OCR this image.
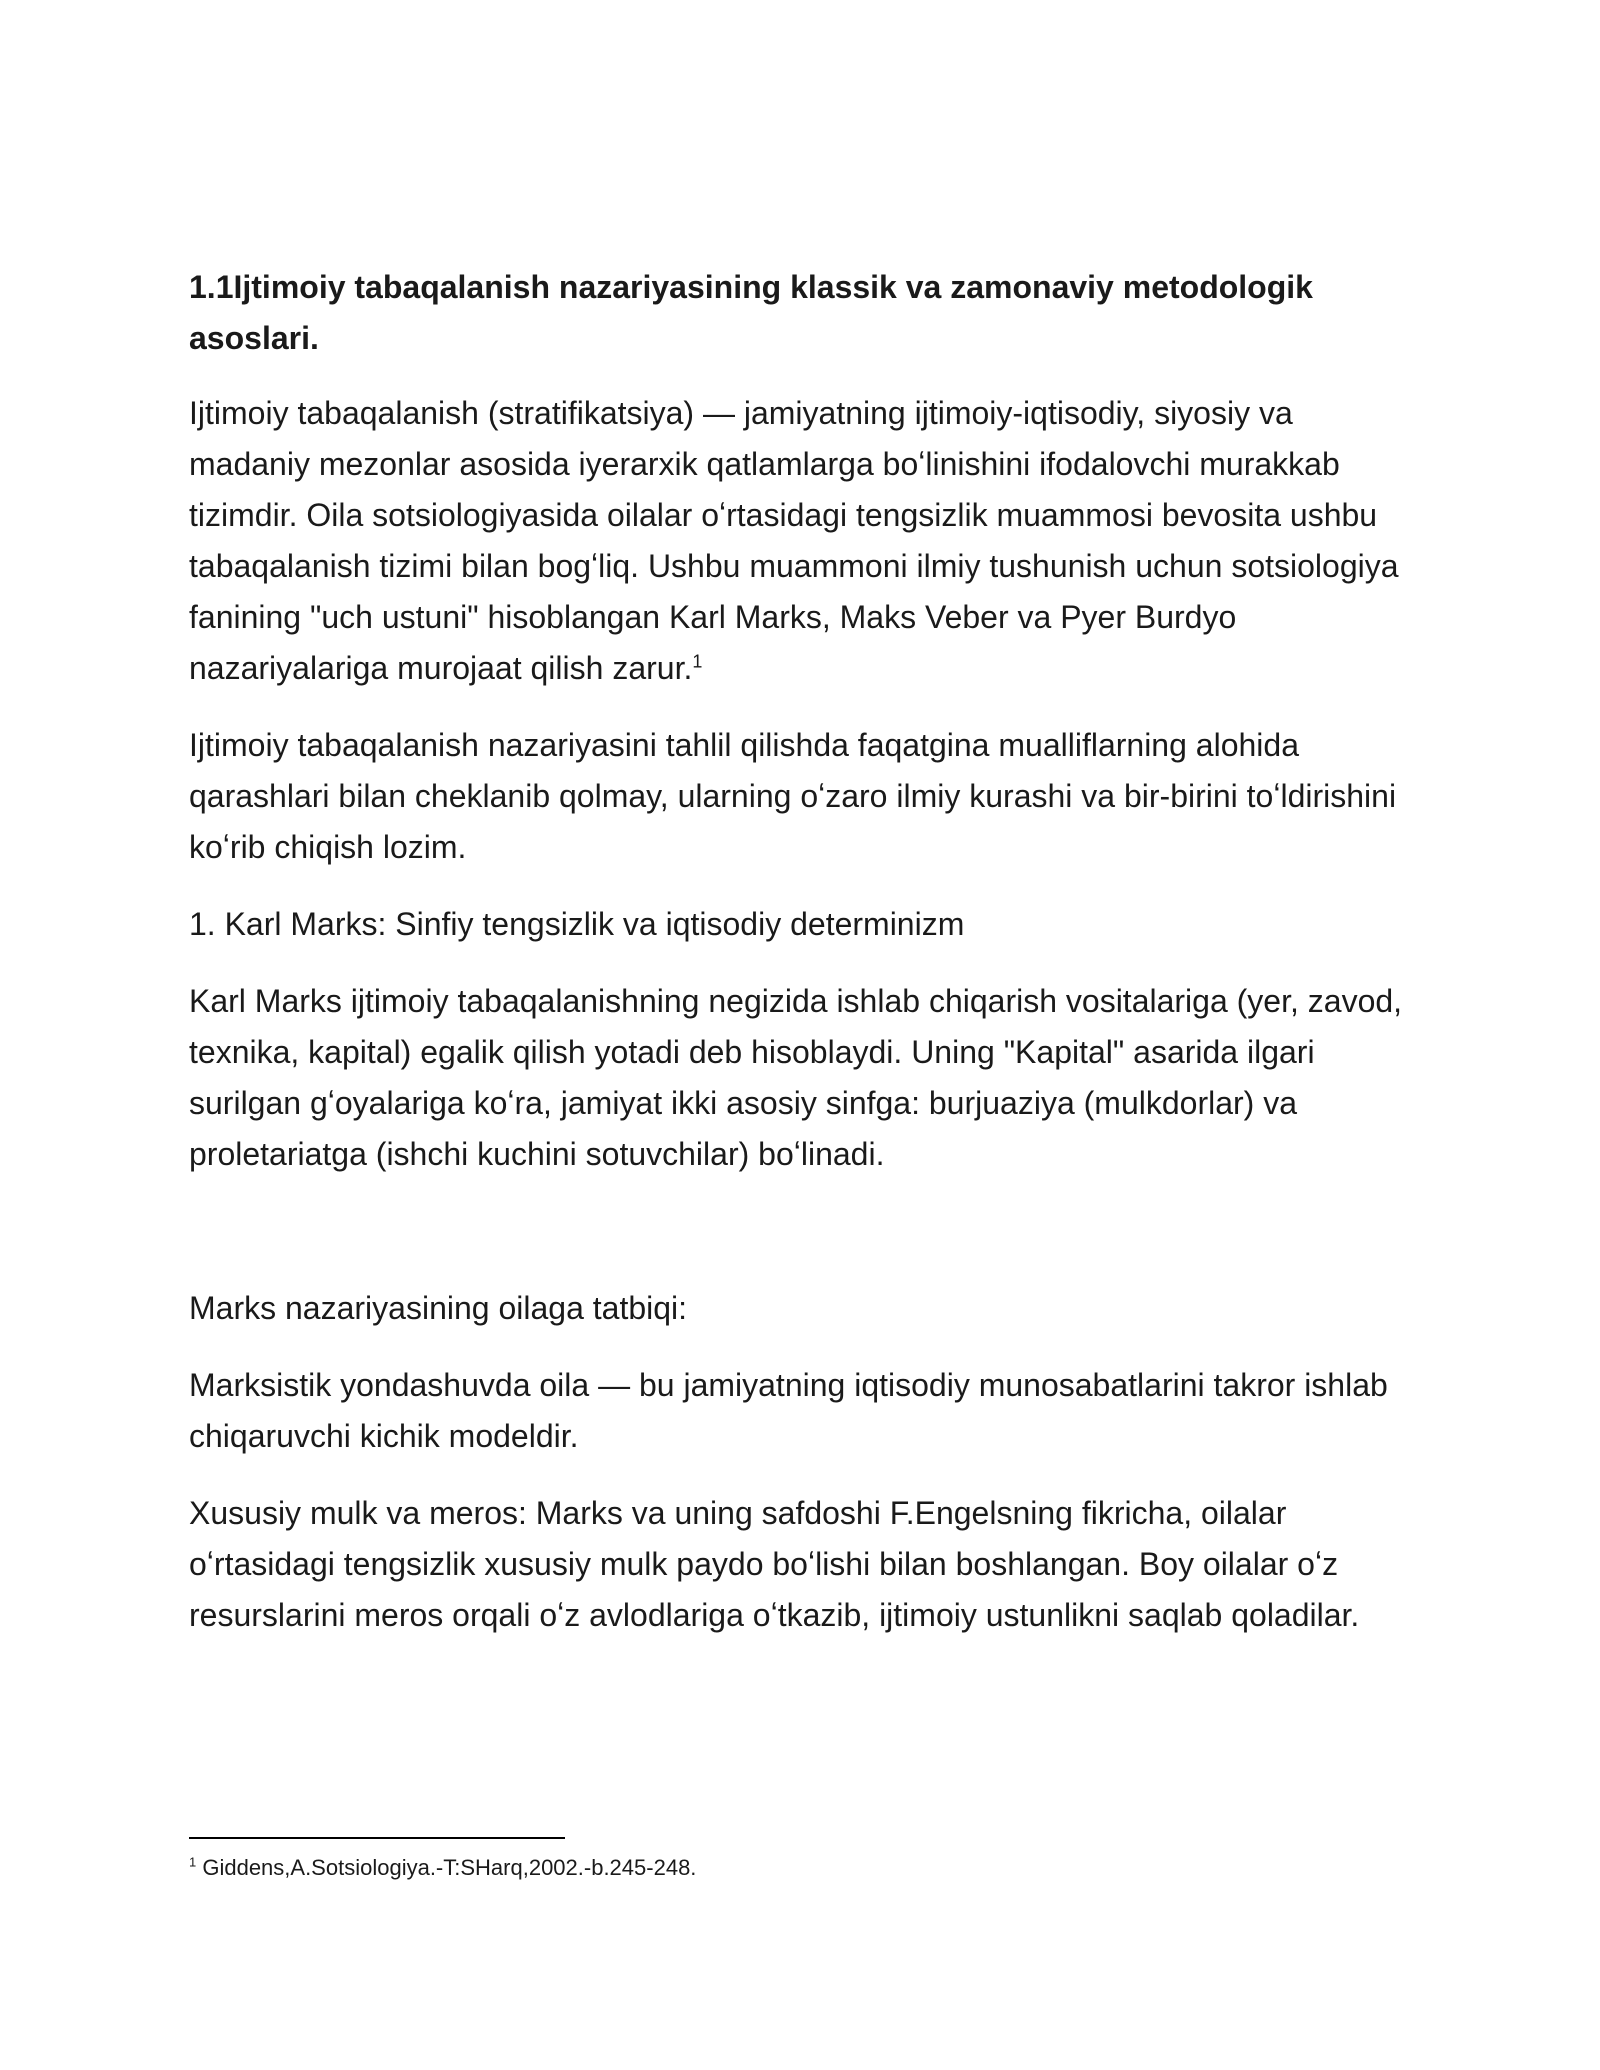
1.1Ijtimoiy tabaqalanish nazariyasining klassik va zamonaviy metodologik asoslari.

Ijtimoiy tabaqalanish (stratifikatsiya) — jamiyatning ijtimoiy-iqtisodiy, siyosiy va madaniy mezonlar asosida iyerarxik qatlamlarga boʻlinishini ifodalovchi murakkab tizimdir. Oila sotsiologiyasida oilalar oʻrtasidagi tengsizlik muammosi bevosita ushbu tabaqalanish tizimi bilan bogʻliq. Ushbu muammoni ilmiy tushunish uchun sotsiologiya fanining "uch ustuni" hisoblangan Karl Marks, Maks Veber va Pyer Burdyo nazariyalariga murojaat qilish zarur.$^1$

Ijtimoiy tabaqalanish nazariyasini tahlil qilishda faqatgina mualliflarning alohida qarashlari bilan cheklanib qolmay, ularning oʻzaro ilmiy kurashi va bir-birini toʻldirishini koʻrib chiqish lozim.

1. Karl Marks: Sinfiy tengsizlik va iqtisodiy determinizm

Karl Marks ijtimoiy tabaqalanishning negizida ishlab chiqarish vositalariga (yer, zavod, texnika, kapital) egalik qilish yotadi deb hisoblaydi. Uning "Kapital" asarida ilgari surilgan gʻoyalariga koʻra, jamiyat ikki asosiy sinfga: burjuaziya (mulkdorlar) va proletariatga (ishchi kuchini sotuvchilar) boʻlinadi.

Marks nazariyasining oilaga tatbiqi:

Marksistik yondashuvda oila — bu jamiyatning iqtisodiy munosabatlarini takror ishlab chiqaruvchi kichik modeldir.

Xususiy mulk va meros: Marks va uning safdoshi F.Engelsning fikricha, oilalar oʻrtasidagi tengsizlik xususiy mulk paydo boʻlishi bilan boshlangan. Boy oilalar oʻz resurslarini meros orqali oʻz avlodlariga oʻtkazib, ijtimoiy ustunlikni saqlab qoladilar.

$^1$ Giddens,A.Sotsiologiya.-T:SHarq,2002.-b.245-248.
